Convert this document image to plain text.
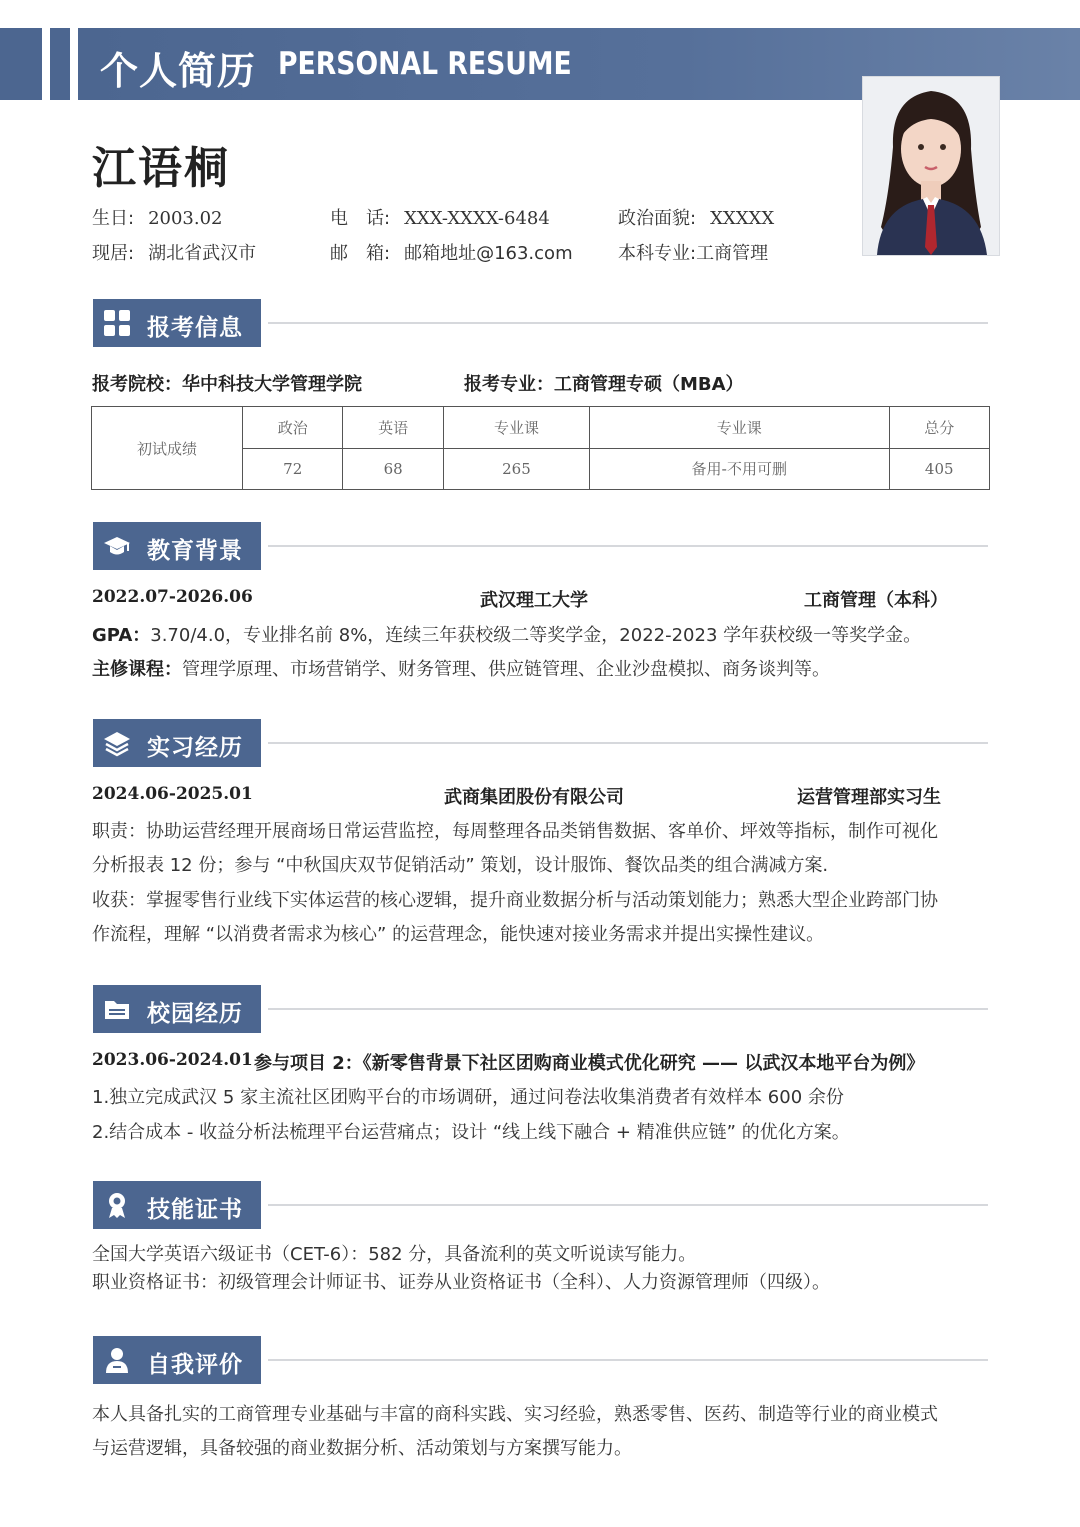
个人简历 PERSONAL RESUME
江语桐
生日: 2003.02	电　话: XXX-XXXX-6484	政治面貌: XXXXX
现居: 湖北省武汉市	邮　箱: 邮箱地址@163.com	本科专业:工商管理
报考信息
报考院校：华中科技大学管理学院	报考专业：工商管理专硕（MBA）
初试成绩	政治	英语	专业课	专业课	总分
	72	68	265	备用-不用可删	405
教育背景
2022.07-2026.06	武汉理工大学	工商管理（本科）
GPA：3.70/4.0，专业排名前 8%，连续三年获校级二等奖学金，2022-2023 学年获校级一等奖学金。
主修课程：管理学原理、市场营销学、财务管理、供应链管理、企业沙盘模拟、商务谈判等。
实习经历
2024.06-2025.01	武商集团股份有限公司	运营管理部实习生
职责：协助运营经理开展商场日常运营监控，每周整理各品类销售数据、客单价、坪效等指标，制作可视化
分析报表 12 份；参与 “中秋国庆双节促销活动” 策划，设计服饰、餐饮品类的组合满减方案.
收获：掌握零售行业线下实体运营的核心逻辑，提升商业数据分析与活动策划能力；熟悉大型企业跨部门协
作流程，理解 “以消费者需求为核心” 的运营理念，能快速对接业务需求并提出实操性建议。
校园经历
2023.06-2024.01 参与项目 2：《新零售背景下社区团购商业模式优化研究 —— 以武汉本地平台为例》
1.独立完成武汉 5 家主流社区团购平台的市场调研，通过问卷法收集消费者有效样本 600 余份
2.结合成本 - 收益分析法梳理平台运营痛点；设计 “线上线下融合 + 精准供应链” 的优化方案。
技能证书
全国大学英语六级证书（CET-6）：582 分，具备流利的英文听说读写能力。
职业资格证书：初级管理会计师证书、证券从业资格证书（全科）、人力资源管理师（四级）。
自我评价
本人具备扎实的工商管理专业基础与丰富的商科实践、实习经验，熟悉零售、医药、制造等行业的商业模式
与运营逻辑，具备较强的商业数据分析、活动策划与方案撰写能力。
